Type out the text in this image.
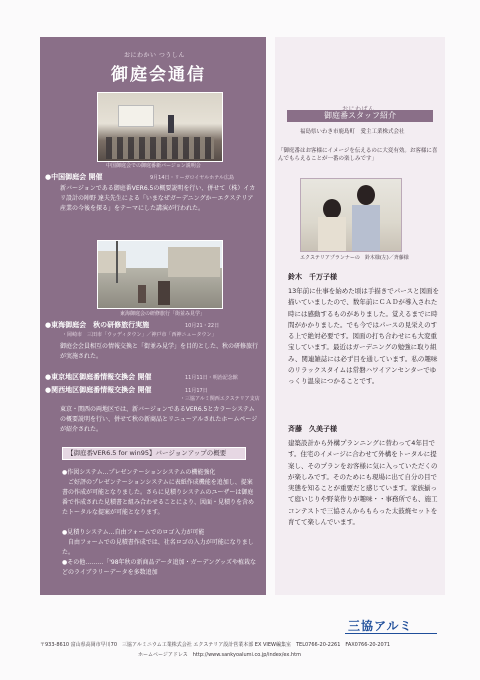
おにわかい つうしん
御庭会通信
中国御庭会での御庭番新バージョン説明会
●中国御庭会 開催	9月14日・リーガロイヤルホテル広島
新バージョンである御庭番VER6.5の概要説明を行い、併せて（株）イカリ設計の陣野 達夫先生による「いまなぜガーデニングか〜エクステリア産業の今後を探る」をテーマにした講演が行われた。
東海御庭会の研修旅行「街並み見学」
●東海御庭会　秋の研修旅行実施	10月21・22日
・岡崎市　三田市「ウッディタウン」／神戸市「西神ニュータウン」
御庭会会員相互の情報交換と「街並み見学」を目的とした、秋の研修旅行が実施された。
●東京地区御庭番情報交換会 開催	11月11日・明治記念館
●関西地区御庭番情報交換会 開催	11月17日
・三協アルミ関西エクステリア支店
東京・関西の両地区では、新バージョンであるVER6.5とカラーシステムの概要説明を行い、併せて秋の新商品とリニューアルされたホームページが紹介された。
【御庭番VER6.5 for win95】バージョンアップの概要
●作図システム…プレゼンテーションシステムの機能強化
　ご好評のプレゼンテーションシステムに表紙作成機能を追加し、提案書の作成が可能となりました。さらに見積りシステムのユーザーは御庭番で作成された見積書と組み合わせることにより、図面・見積りを含めたトータルな提案が可能となります。
●見積りシステム…自由フォームでのロゴ入力が可能
　自由フォームでの見積書作成では、社名ロゴの入力が可能になりました。
●その他………「'98年秋の新商品データ追加・ガーデングッズや植栽などのライブラリーデータを多数追加
御庭番スタッフ紹介
福島県いわき市鹿島町　愛主工業株式会社
「御庭番はお客様にイメージを伝えるのに大変有効。お客様に喜んでもらえることが一番の楽しみです」
エクステリアプランナーの　鈴木様(左)／斉藤様
鈴木　千万子様
13年前に仕事を始めた頃は手描きでパースと図面を描いていましたので、数年前にＣＡＤが導入された時には感動するものがありました。覚えるまでに時間がかかりました。でも今ではパースの見栄えのする上で絶対必要です。図面の打ち合わせにも大変重宝しています。最近はガーデニングの勉強に取り組み、関連雑誌には必ず目を通しています。私の趣味のリラックスタイムは常磐ハワイアンセンターでゆっくり温泉につかることです。
斉藤　久美子様
建築設計から外構プランニングに替わって4年目です。住宅のイメージに合わせて外構をトータルに提案し、そのプランをお客様に気に入っていただくのが楽しみです。そのためにも現場に出て自分の目で実態を知ることが重要だと感じています。家族揃って庭いじりや野菜作りが趣味・・事務所でも、施工コンテストで三協さんからもらった太鼓焼セットを育てて楽しんでいます。
三協アルミ
〒933-8610 富山県高岡市早川70　三協アルミニウム工業株式会社 エクステリア設計営業本部 EX VIEW編集室　TEL0766-20-2261　FAX0766-20-2071
ホームページアドレス　http://www.sankyoalumi.co.jp/index/ex.htm
